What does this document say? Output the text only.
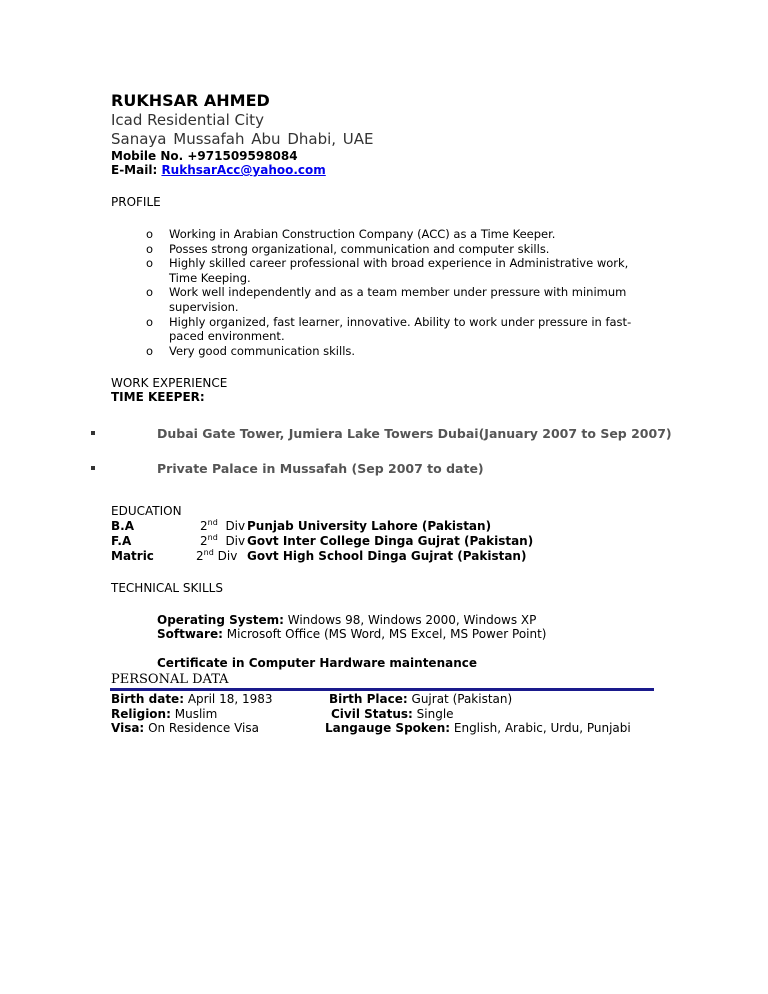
RUKHSAR AHMED
Icad Residential City
Sanaya Mussafah Abu Dhabi, UAE
Mobile No. +971509598084
E-Mail: RukhsarAcc@yahoo.com
PROFILE
o Working in Arabian Construction Company (ACC) as a Time Keeper.
o Posses strong organizational, communication and computer skills.
o Highly skilled career professional with broad experience in Administrative work, Time Keeping.
o Work well independently and as a team member under pressure with minimum supervision.
o Highly organized, fast learner, innovative. Ability to work under pressure in fast-paced environment.
o Very good communication skills.
WORK EXPERIENCE
TIME KEEPER:
Dubai Gate Tower, Jumiera Lake Towers Dubai(January 2007 to Sep 2007)
Private Palace in Mussafah (Sep 2007 to date)
EDUCATION
B.A	2nd Div Punjab University Lahore (Pakistan)
F.A	2nd Div Govt Inter College Dinga Gujrat (Pakistan)
Matric	2nd Div Govt High School Dinga Gujrat (Pakistan)
TECHNICAL SKILLS
Operating System: Windows 98, Windows 2000, Windows XP
Software: Microsoft Office (MS Word, MS Excel, MS Power Point)
Certificate in Computer Hardware maintenance
PERSONAL DATA
Birth date: April 18, 1983	Birth Place: Gujrat (Pakistan)
Religion: Muslim	Civil Status: Single
Visa: On Residence Visa	Langauge Spoken: English, Arabic, Urdu, Punjabi
